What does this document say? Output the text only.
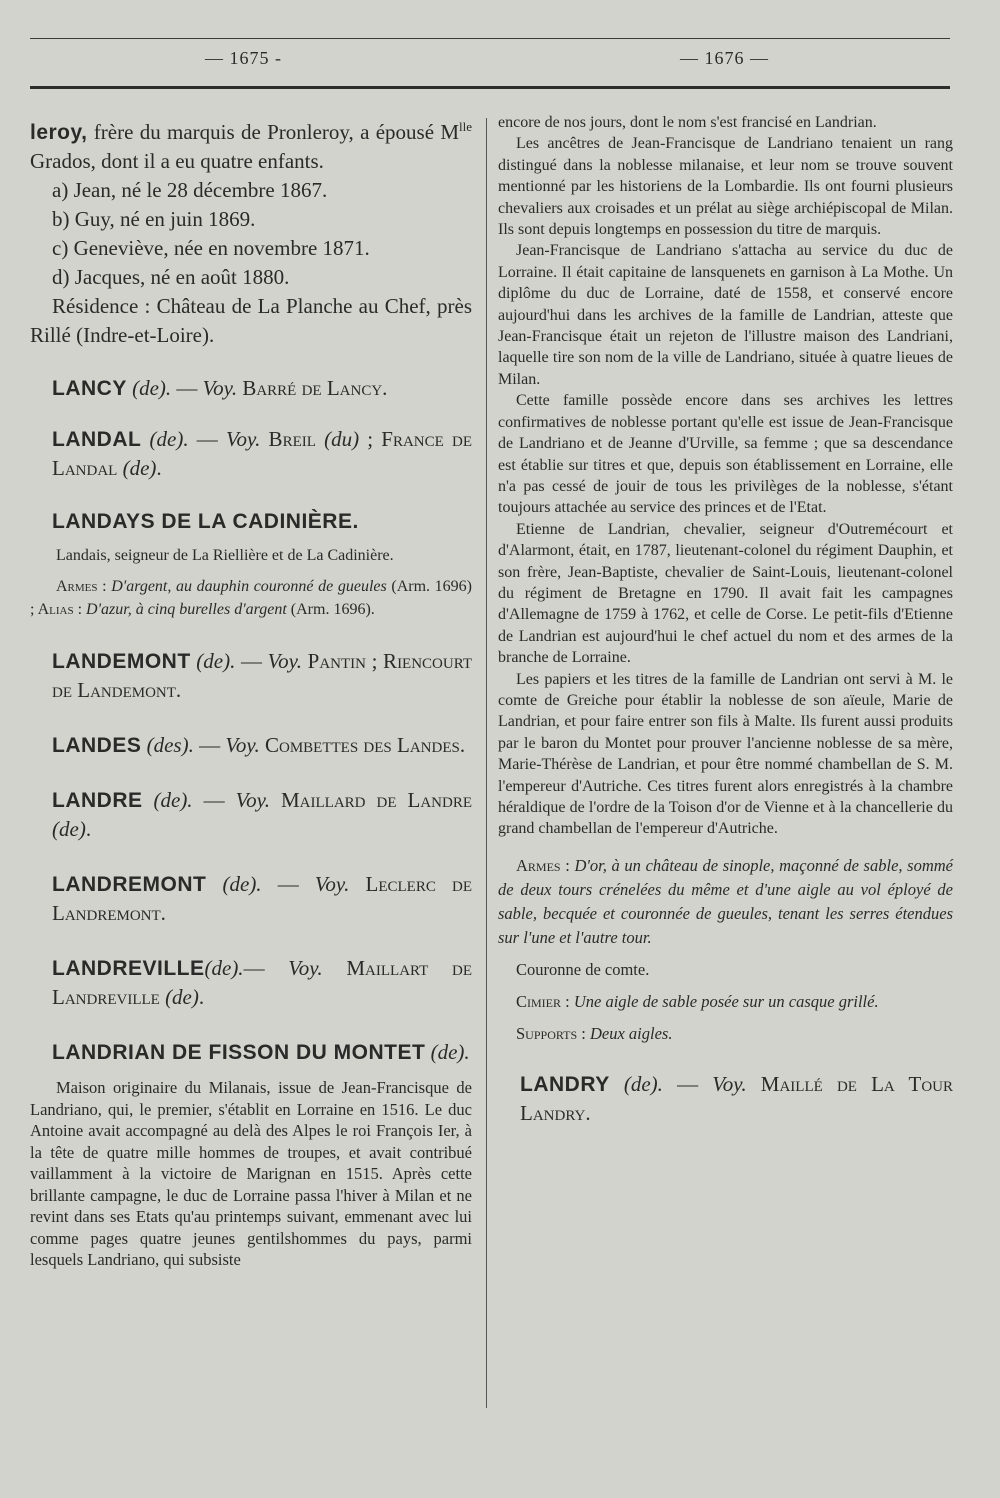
— 1675 -	— 1676 —

leroy, frère du marquis de Pronleroy, a épousé $M^{lle}$ Grados, dont il a eu quatre enfants.

a) Jean, né le 28 décembre 1867.

b) Guy, né en juin 1869.

c) Geneviève, née en novembre 1871.

d) Jacques, né en août 1880.

Résidence : Château de La Planche au Chef, près Rillé (Indre-et-Loire).

LANCY (de). — Voy. Barré de Lancy.

LANDAL (de). — Voy. Breil (du) ; France de Landal (de).

LANDAYS DE LA CADINIÈRE.

Landais, seigneur de La Riellière et de La Cadinière.

Armes : D'argent, au dauphin couronné de gueules (Arm. 1696) ; Alias : D'azur, à cinq burelles d'argent (Arm. 1696).

LANDEMONT (de). — Voy. Pantin ; Riencourt de Landemont.

LANDES (des). — Voy. Combettes des Landes.

LANDRE (de). — Voy. Maillard de Landre (de).

LANDREMONT (de). — Voy. Leclerc de Landremont.

LANDREVILLE(de).— Voy. Maillart de Landreville (de).

LANDRIAN DE FISSON DU MONTET (de).

Maison originaire du Milanais, issue de Jean-Francisque de Landriano, qui, le premier, s'établit en Lorraine en 1516. Le duc Antoine avait accompagné au delà des Alpes le roi François Ier, à la tête de quatre mille hommes de troupes, et avait contribué vaillamment à la victoire de Marignan en 1515. Après cette brillante campagne, le duc de Lorraine passa l'hiver à Milan et ne revint dans ses Etats qu'au printemps suivant, emmenant avec lui comme pages quatre jeunes gentilshommes du pays, parmi lesquels Landriano, qui subsiste

encore de nos jours, dont le nom s'est francisé en Landrian.

Les ancêtres de Jean-Francisque de Landriano tenaient un rang distingué dans la noblesse milanaise, et leur nom se trouve souvent mentionné par les historiens de la Lombardie. Ils ont fourni plusieurs chevaliers aux croisades et un prélat au siège archiépiscopal de Milan. Ils sont depuis longtemps en possession du titre de marquis.

Jean-Francisque de Landriano s'attacha au service du duc de Lorraine. Il était capitaine de lansquenets en garnison à La Mothe. Un diplôme du duc de Lorraine, daté de 1558, et conservé encore aujourd'hui dans les archives de la famille de Landrian, atteste que Jean-Francisque était un rejeton de l'illustre maison des Landriani, laquelle tire son nom de la ville de Landriano, située à quatre lieues de Milan.

Cette famille possède encore dans ses archives les lettres confirmatives de noblesse portant qu'elle est issue de Jean-Francisque de Landriano et de Jeanne d'Urville, sa femme ; que sa descendance est établie sur titres et que, depuis son établissement en Lorraine, elle n'a pas cessé de jouir de tous les privilèges de la noblesse, s'étant toujours attachée au service des princes et de l'Etat.

Etienne de Landrian, chevalier, seigneur d'Outremécourt et d'Alarmont, était, en 1787, lieutenant-colonel du régiment Dauphin, et son frère, Jean-Baptiste, chevalier de Saint-Louis, lieutenant-colonel du régiment de Bretagne en 1790. Il avait fait les campagnes d'Allemagne de 1759 à 1762, et celle de Corse. Le petit-fils d'Etienne de Landrian est aujourd'hui le chef actuel du nom et des armes de la branche de Lorraine.

Les papiers et les titres de la famille de Landrian ont servi à M. le comte de Greiche pour établir la noblesse de son aïeule, Marie de Landrian, et pour faire entrer son fils à Malte. Ils furent aussi produits par le baron du Montet pour prouver l'ancienne noblesse de sa mère, Marie-Thérèse de Landrian, et pour être nommé chambellan de S. M. l'empereur d'Autriche. Ces titres furent alors enregistrés à la chambre héraldique de l'ordre de la Toison d'or de Vienne et à la chancellerie du grand chambellan de l'empereur d'Autriche.

Armes : D'or, à un château de sinople, maçonné de sable, sommé de deux tours crénelées du même et d'une aigle au vol éployé de sable, becquée et couronnée de gueules, tenant les serres étendues sur l'une et l'autre tour.

Couronne de comte.

Cimier : Une aigle de sable posée sur un casque grillé.

Supports : Deux aigles.

LANDRY (de). — Voy. Maillé de La Tour Landry.
